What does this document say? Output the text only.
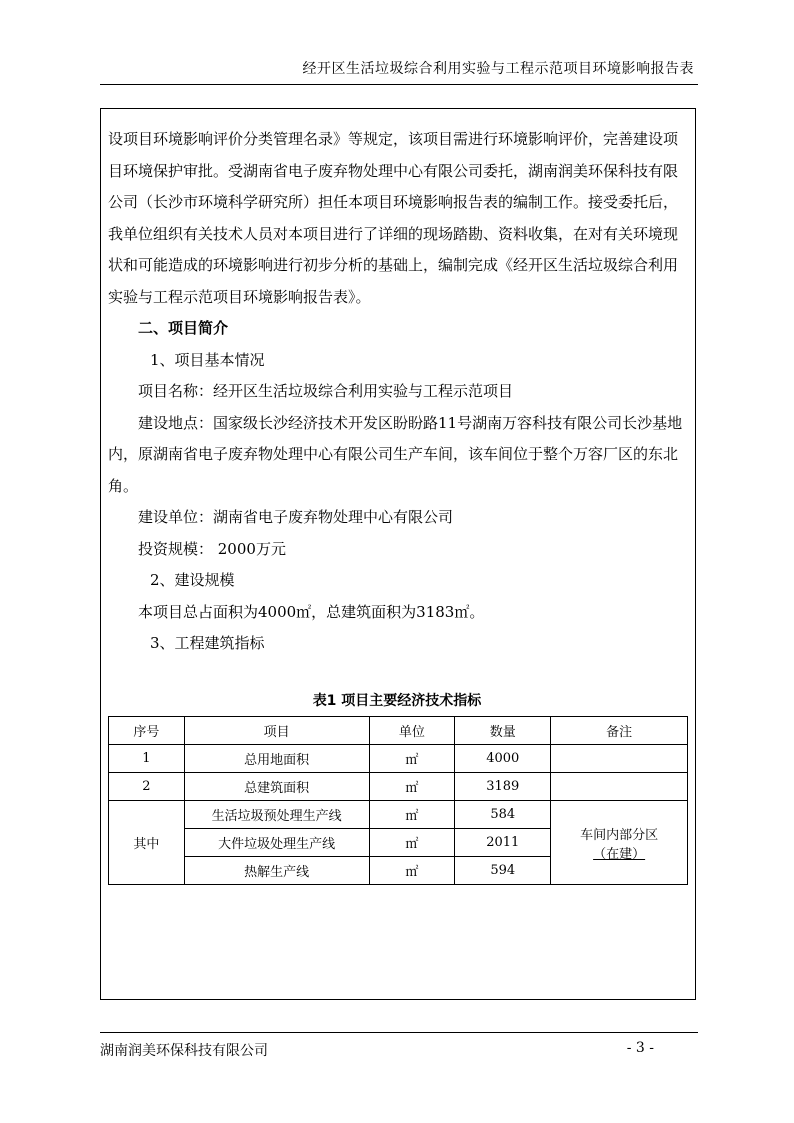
经开区生活垃圾综合利用实验与工程示范项目环境影响报告表

设项目环境影响评价分类管理名录》等规定，该项目需进行环境影响评价，完善建设项目环境保护审批。受湖南省电子废弃物处理中心有限公司委托，湖南润美环保科技有限公司（长沙市环境科学研究所）担任本项目环境影响报告表的编制工作。接受委托后，我单位组织有关技术人员对本项目进行了详细的现场踏勘、资料收集，在对有关环境现状和可能造成的环境影响进行初步分析的基础上，编制完成《经开区生活垃圾综合利用实验与工程示范项目环境影响报告表》。

二、项目简介

1、项目基本情况

项目名称：经开区生活垃圾综合利用实验与工程示范项目

建设地点：国家级长沙经济技术开发区盼盼路11号湖南万容科技有限公司长沙基地内，原湖南省电子废弃物处理中心有限公司生产车间，该车间位于整个万容厂区的东北角。

建设单位：湖南省电子废弃物处理中心有限公司

投资规模： 2000万元

2、建设规模

本项目总占面积为4000㎡，总建筑面积为3183㎡。

3、工程建筑指标

表1 项目主要经济技术指标
序号	项目	单位	数量	备注
1	总用地面积	㎡	4000	
2	总建筑面积	㎡	3189	
其中	生活垃圾预处理生产线	㎡	584	车间内部分区
（在建）

	大件垃圾处理生产线	㎡	2011	
	热解生产线	㎡	594	
湖南润美环保科技有限公司	- 3 -
